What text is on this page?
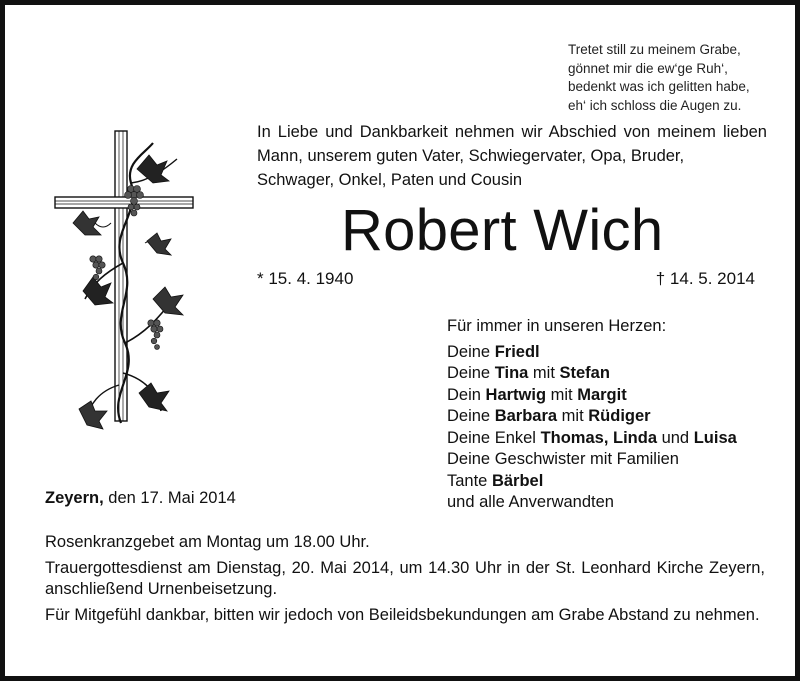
Tretet still zu meinem Grabe,
gönnet mir die ew‘ge Ruh‘,
bedenkt was ich gelitten habe,
eh‘ ich schloss die Augen zu.
In Liebe und Dankbarkeit nehmen wir Abschied von meinem lieben Mann, unserem guten Vater, Schwiegervater, Opa, Bruder,
Schwager, Onkel, Paten und Cousin
Robert Wich
* 15. 4. 1940	† 14. 5. 2014
Für immer in unseren Herzen:
Deine Friedl
Deine Tina mit Stefan
Dein Hartwig mit Margit
Deine Barbara mit Rüdiger
Deine Enkel Thomas, Linda und Luisa
Deine Geschwister mit Familien
Tante Bärbel
und alle Anverwandten
Zeyern, den 17. Mai 2014

Rosenkranzgebet am Montag um 18.00 Uhr.

Trauergottesdienst am Dienstag, 20. Mai 2014, um 14.30 Uhr in der St. Leonhard Kirche Zeyern, anschließend Urnenbeisetzung.

Für Mitgefühl dankbar, bitten wir jedoch von Beileidsbekundungen am Grabe Abstand zu nehmen.
